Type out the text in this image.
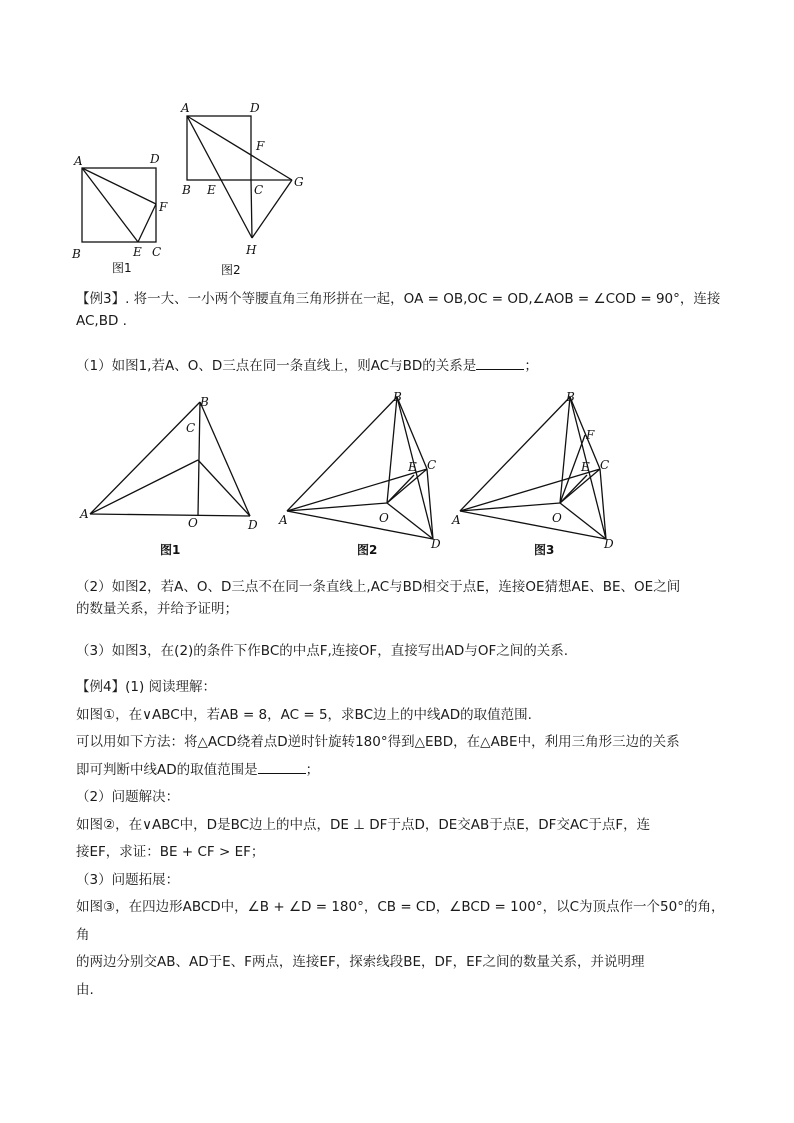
A	D
F
B	E C
图1
A	D
F
G
B E	C
H
图2
【例3】. 将一大、一小两个等腰直角三角形拼在一起，OA = OB,OC = OD,∠AOB = ∠COD = 90°，连接
AC,BD .
（1）如图1,若A、O、D三点在同一条直线上，则AC与BD的关系是	；
A
B
C
O	D
图1
A
B
E C
O
D
图2
A
B
F
E C
O
D
图3
（2）如图2，若A、O、D三点不在同一条直线上,AC与BD相交于点E，连接OE猜想AE、BE、OE之间
的数量关系，并给予证明；
（3）如图3，在(2)的条件下作BC的中点F,连接OF，直接写出AD与OF之间的关系.
【例4】(1) 阅读理解：
如图①，在∨ABC中，若AB = 8，AC = 5，求BC边上的中线AD的取值范围.
可以用如下方法：将△ACD绕着点D逆时针旋转180°得到△EBD，在△ABE中，利用三角形三边的关系
即可判断中线AD的取值范围是	；
（2）问题解决：
如图②，在∨ABC中，D是BC边上的中点，DE ⊥ DF于点D，DE交AB于点E，DF交AC于点F，连
接EF，求证：BE + CF > EF；
（3）问题拓展：
如图③，在四边形ABCD中，∠B + ∠D = 180°，CB = CD，∠BCD = 100°，以C为顶点作一个50°的角，角
的两边分别交AB、AD于E、F两点，连接EF，探索线段BE，DF，EF之间的数量关系，并说明理
由.
